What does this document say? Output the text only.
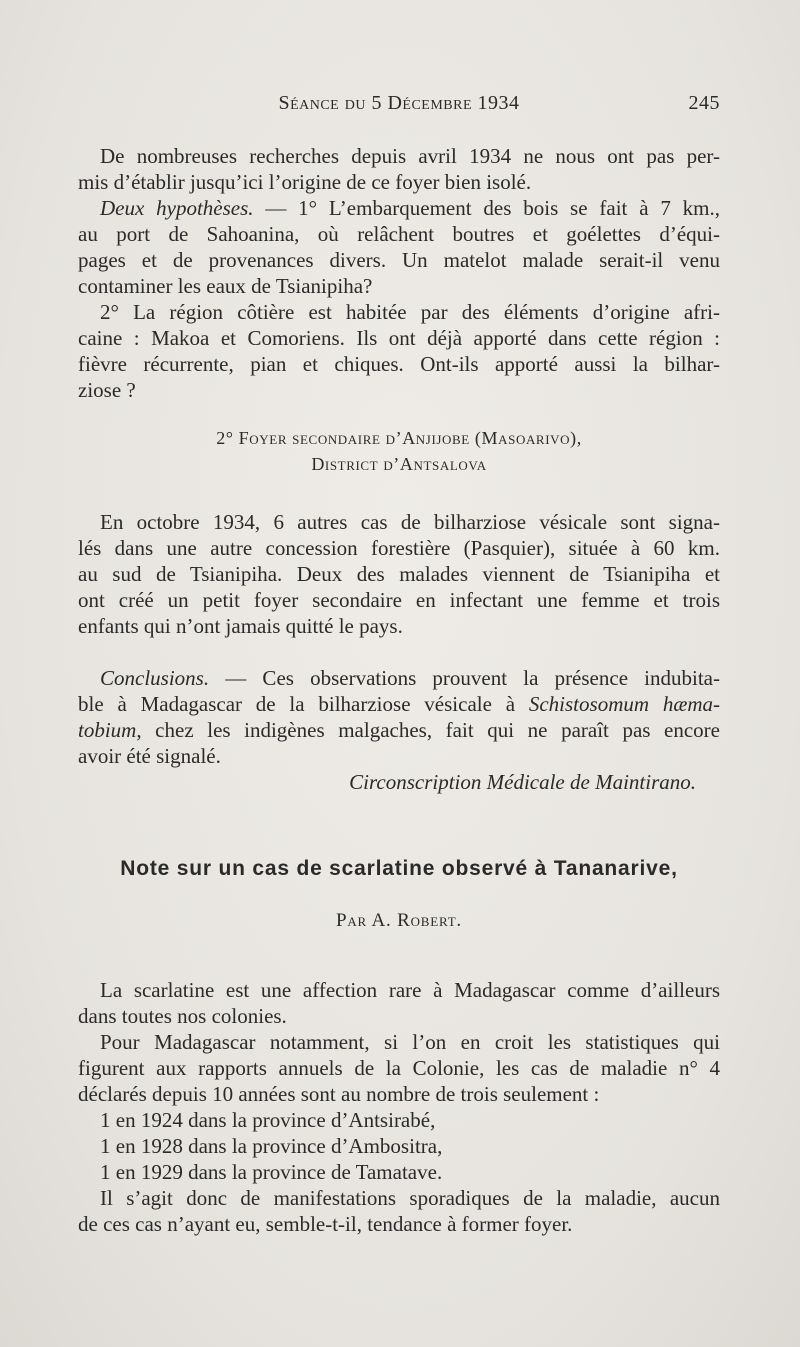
Séance du 5 Décembre 1934	245
De nombreuses recherches depuis avril 1934 ne nous ont pas per-
mis d’établir jusqu’ici l’origine de ce foyer bien isolé.
Deux hypothèses. — 1° L’embarquement des bois se fait à 7 km.,
au port de Sahoanina, où relâchent boutres et goélettes d’équi-
pages et de provenances divers. Un matelot malade serait-il venu
contaminer les eaux de Tsianipiha?
2° La région côtière est habitée par des éléments d’origine afri-
caine : Makoa et Comoriens. Ils ont déjà apporté dans cette région :
fièvre récurrente, pian et chiques. Ont-ils apporté aussi la bilhar-
ziose ?
2° Foyer secondaire d’Anjijobe (Masoarivo),
District d’Antsalova
En octobre 1934, 6 autres cas de bilharziose vésicale sont signa-
lés dans une autre concession forestière (Pasquier), située à 60 km.
au sud de Tsianipiha. Deux des malades viennent de Tsianipiha et
ont créé un petit foyer secondaire en infectant une femme et trois
enfants qui n’ont jamais quitté le pays.
Conclusions. — Ces observations prouvent la présence indubita-
ble à Madagascar de la bilharziose vésicale à Schistosomum hæma-
tobium, chez les indigènes malgaches, fait qui ne paraît pas encore
avoir été signalé.
Circonscription Médicale de Maintirano.
Note sur un cas de scarlatine observé à Tananarive,
Par A. Robert.
La scarlatine est une affection rare à Madagascar comme d’ailleurs
dans toutes nos colonies.
Pour Madagascar notamment, si l’on en croit les statistiques qui
figurent aux rapports annuels de la Colonie, les cas de maladie n° 4
déclarés depuis 10 années sont au nombre de trois seulement :
1 en 1924 dans la province d’Antsirabé,
1 en 1928 dans la province d’Ambositra,
1 en 1929 dans la province de Tamatave.
Il s’agit donc de manifestations sporadiques de la maladie, aucun
de ces cas n’ayant eu, semble-t-il, tendance à former foyer.
